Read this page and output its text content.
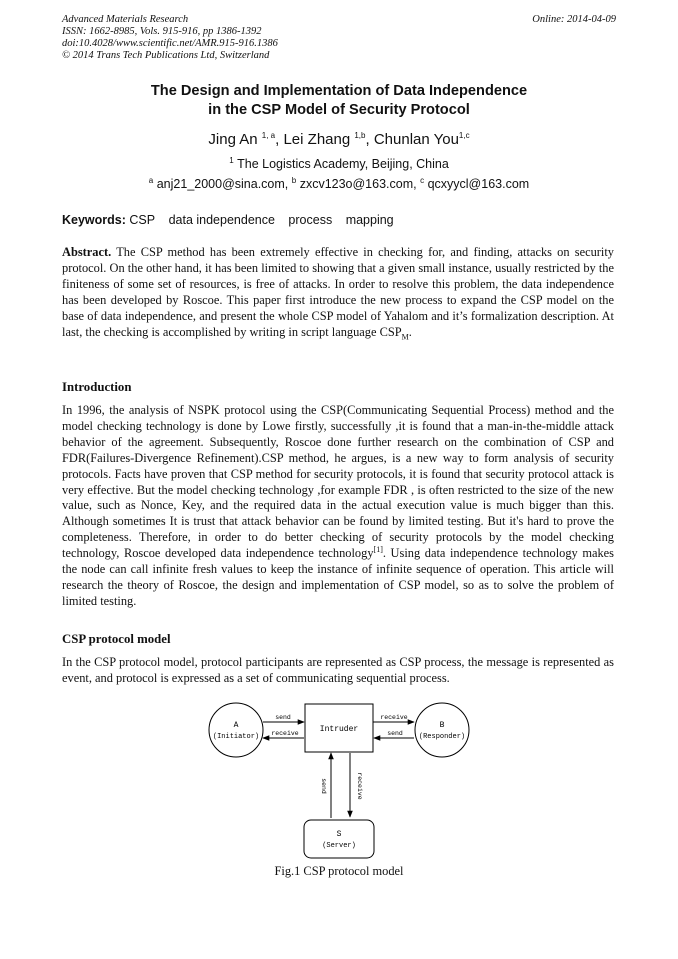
Advanced Materials Research
ISSN: 1662-8985, Vols. 915-916, pp 1386-1392
doi:10.4028/www.scientific.net/AMR.915-916.1386
© 2014 Trans Tech Publications Ltd, Switzerland
Online: 2014-04-09
The Design and Implementation of Data Independence
in the CSP Model of Security Protocol
Jing An $^{1, a}$, Lei Zhang $^{1,b}$, Chunlan You$^{1,c}$
$^1$ The Logistics Academy, Beijing, China
$^a$ anj21_2000@sina.com, $^b$ zxcv123o@163.com, $^c$ qcxyycl@163.com
Keywords: CSP data independence process mapping
Abstract. The CSP method has been extremely effective in checking for, and finding, attacks on security protocol. On the other hand, it has been limited to showing that a given small instance, usually restricted by the finiteness of some set of resources, is free of attacks. In order to resolve this problem, the data independence has been developed by Roscoe. This paper first introduce the new process to expand the CSP model on the base of data independence, and present the whole CSP model of Yahalom and it’s formalization description. At last, the checking is accomplished by writing in script language $CSP_M$.
Introduction
In 1996, the analysis of NSPK protocol using the CSP(Communicating Sequential Process) method and the model checking technology is done by Lowe firstly, successfully ,it is found that a man-in-the-middle attack behavior of the agreement. Subsequently, Roscoe done further research on the combination of CSP and FDR(Failures-Divergence Refinement).CSP method, he argues, is a new way to form analysis of security protocols. Facts have proven that CSP method for security protocols, it is found that security protocol attack is very effective. But the model checking technology ,for example FDR , is often restricted to the size of the new value, such as Nonce, Key, and the required data in the actual execution value is much bigger than this. Although sometimes It is trust that attack behavior can be found by limited testing. But it's hard to prove the completeness. Therefore, in order to do better checking of security protocols by the model checking technology, Roscoe developed data independence technology[1]. Using data independence technology makes the node can call infinite fresh values to keep the instance of infinite sequence of operation. This article will research the theory of Roscoe, the design and implementation of CSP model, so as to solve the problem of limited testing.
CSP protocol model
In the CSP protocol model, protocol participants are represented as CSP process, the message is represented as event, and protocol is expressed as a set of communicating sequential process.
A
(Initiator)
Intruder	B
(Responder)
send
receive
receive
send
send	receive
S
(Server)
Fig.1 CSP protocol model
